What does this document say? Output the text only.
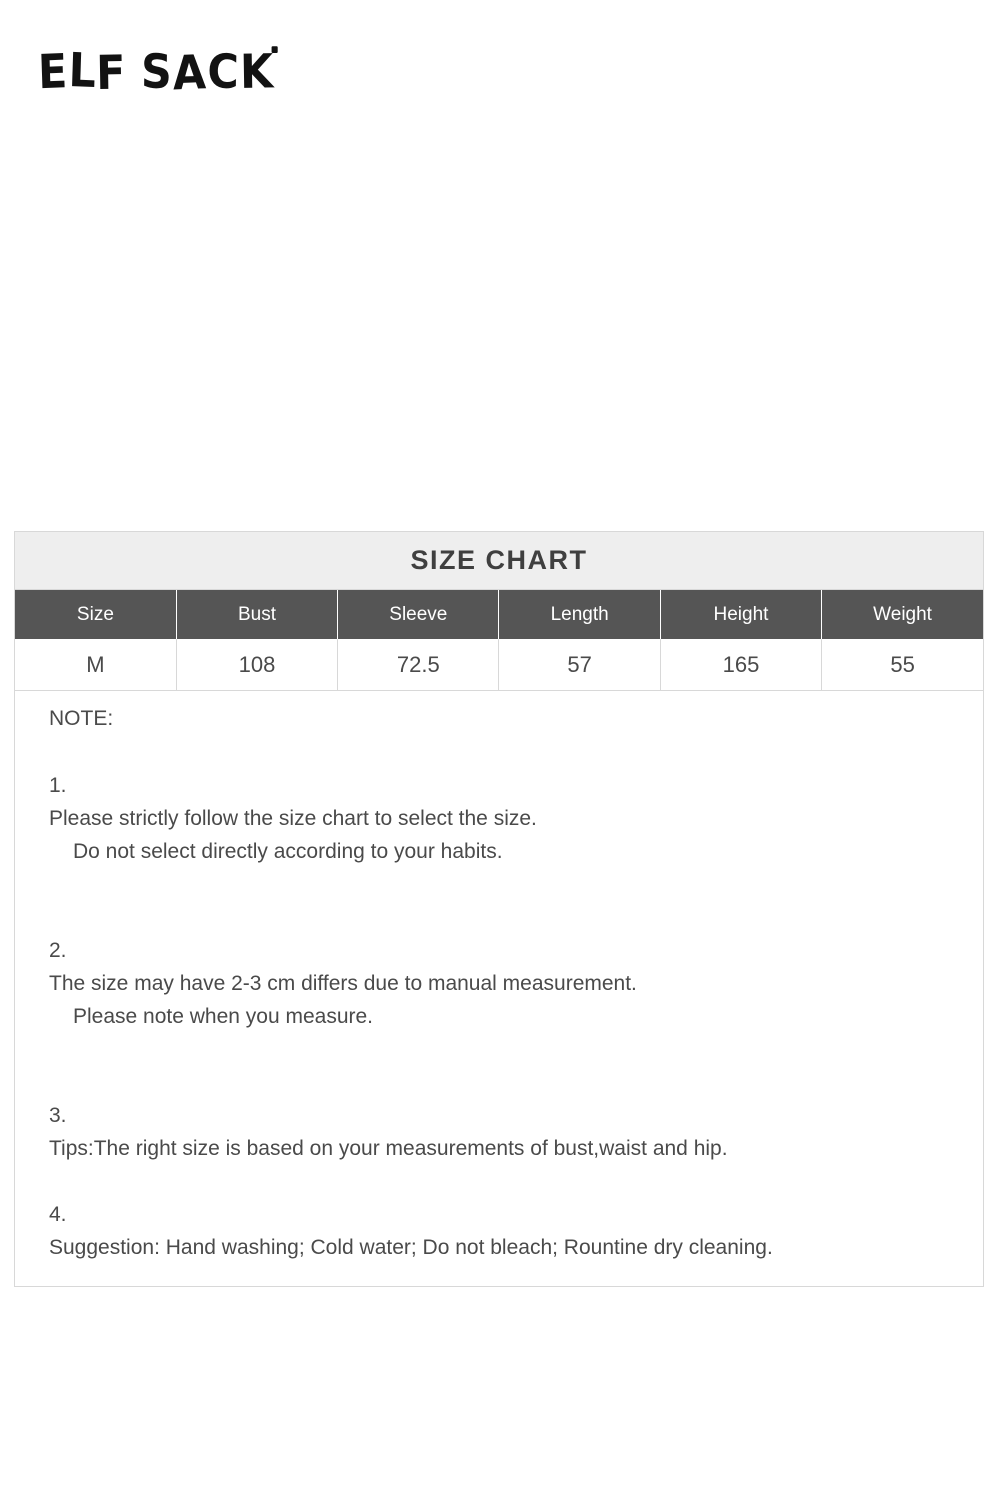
ELF SACK
SIZE CHART
Size	Bust	Sleeve	Length	Height	Weight
M	108	72.5	57	165	55
NOTE:

1.
Please strictly follow the size chart to select the size.

Do not select directly according to your habits.

2.
The size may have 2-3 cm differs due to manual measurement.

Please note when you measure.

3.
Tips:The right size is based on your measurements of bust,waist and hip.

4.
Suggestion: Hand washing; Cold water; Do not bleach; Rountine dry cleaning.
